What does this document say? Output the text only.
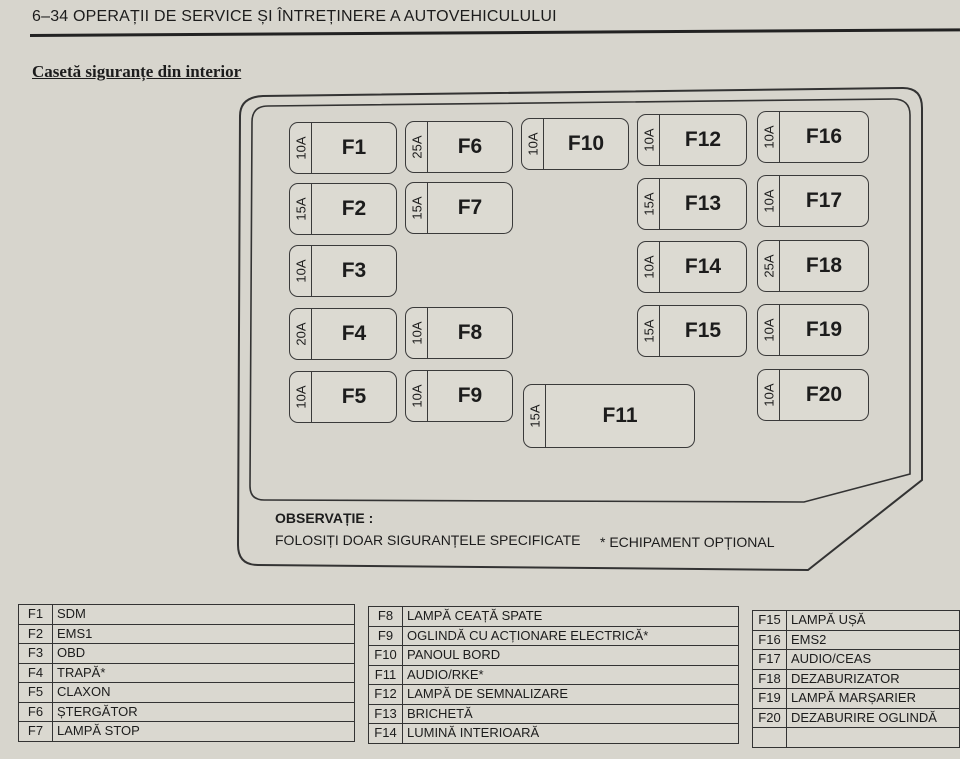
6–34 OPERAȚII DE SERVICE ȘI ÎNTREȚINERE A AUTOVEHICULULUI
Casetă siguranțe din interior
10A	F1
15A	F2
10A	F3
20A	F4
10A	F5
25A	F6
15A	F7
10A	F8
10A	F9
10A	F10
15A	F11
10A	F12
15A	F13
10A	F14
15A	F15
10A	F16
10A	F17
25A	F18
10A	F19
10A	F20
OBSERVAȚIE :
FOLOSIȚI DOAR SIGURANȚELE SPECIFICATE * ECHIPAMENT OPȚIONAL
F1	SDM
F2	EMS1
F3	OBD
F4	TRAPĂ*
F5	CLAXON
F6	ȘTERGĂTOR
F7	LAMPĂ STOP
F8	LAMPĂ CEAȚĂ SPATE
F9	OGLINDĂ CU ACȚIONARE ELECTRICĂ*
F10	PANOUL BORD
F11	AUDIO/RKE*
F12	LAMPĂ DE SEMNALIZARE
F13	BRICHETĂ
F14	LUMINĂ INTERIOARĂ
F15	LAMPĂ UȘĂ
F16	EMS2
F17	AUDIO/CEAS
F18	DEZABURIZATOR
F19	LAMPĂ MARȘARIER
F20	DEZABURIRE OGLINDĂ
